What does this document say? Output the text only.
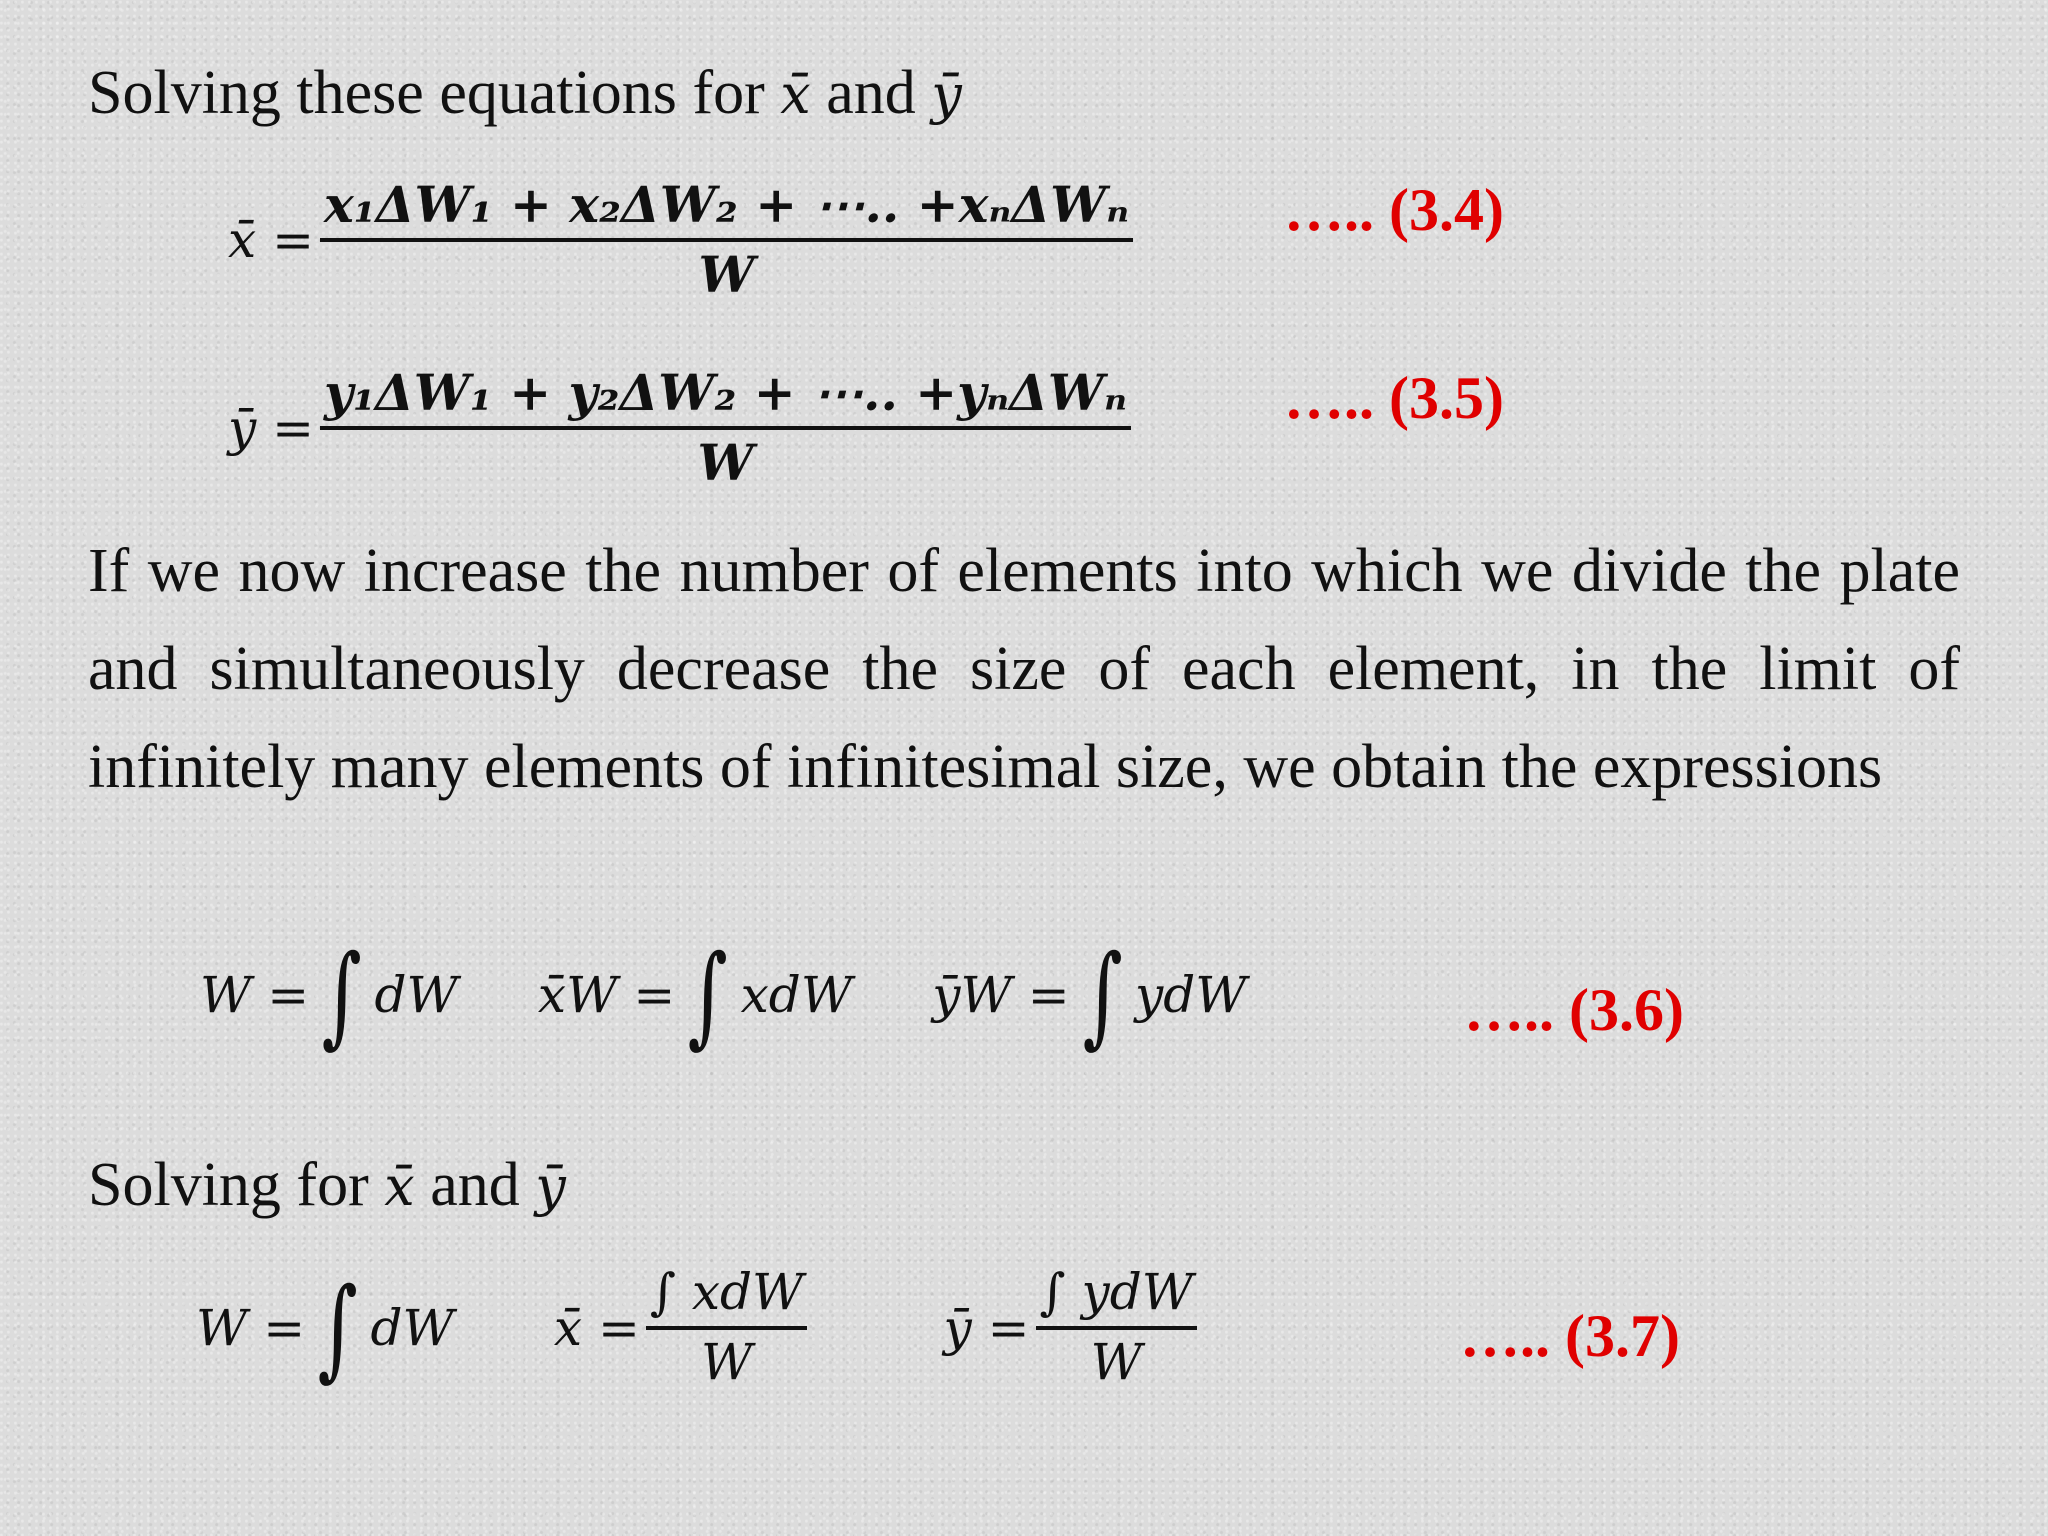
Solving these equations for x̄ and ȳ

x̄ = $\frac{\text{x₁ΔW₁ + x₂ΔW₂ + ⋯.. +xₙΔWₙ}}{W}$	….. (3.4)
ȳ = $\frac{\text{y₁ΔW₁ + y₂ΔW₂ + ⋯.. +yₙΔWₙ}}{W}$	….. (3.5)

If we now increase the number of elements into which we divide the plate and simultaneously decrease the size of each element, in the limit of infinitely many elements of infinitesimal size, we obtain the expressions

W = ∫ dW x̄W = ∫ xdW ȳW = ∫ ydW	….. (3.6)

Solving for x̄ and ȳ

W = ∫ dW x̄ = $\frac{\text{∫ xdW}}{W}$	ȳ = $\frac{\text{∫ ydW}}{W}$	….. (3.7)
